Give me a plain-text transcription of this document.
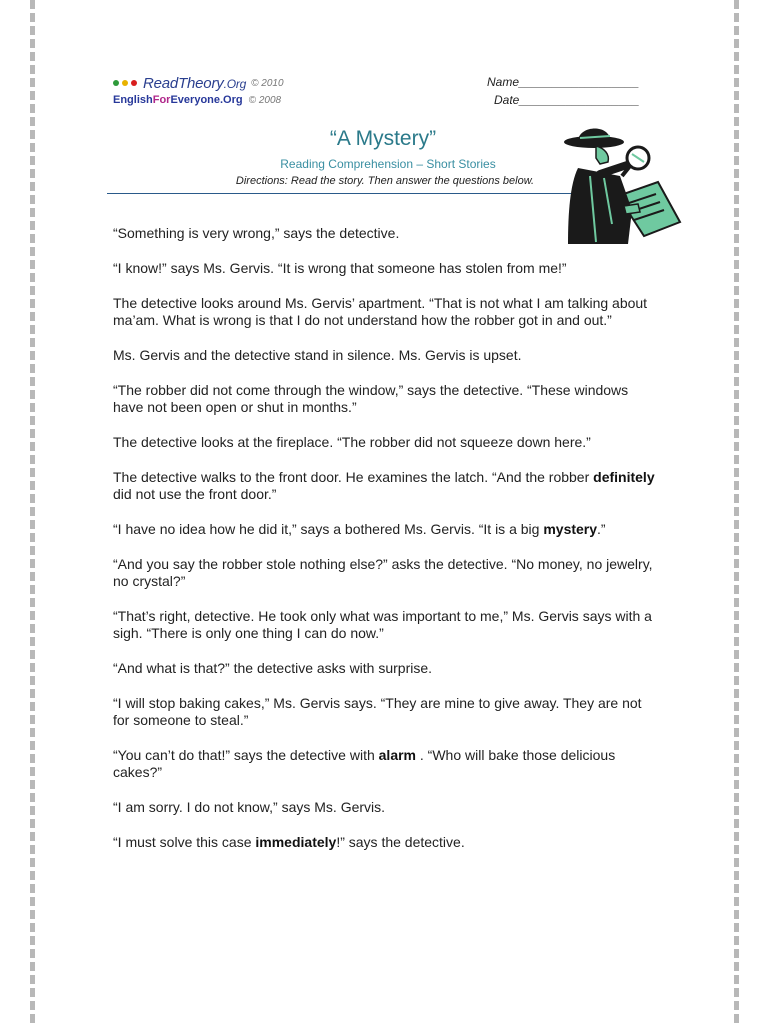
ReadTheory.Org © 2010
EnglishForEveryone.Org © 2008
Name__________________
Date__________________
“A Mystery”
Reading Comprehension – Short Stories
Directions: Read the story. Then answer the questions below.

“Something is very wrong,” says the detective.

“I know!” says Ms. Gervis. “It is wrong that someone has stolen from me!”

The detective looks around Ms. Gervis’ apartment. “That is not what I am talking about ma’am. What is wrong is that I do not understand how the robber got in and out.”

Ms. Gervis and the detective stand in silence. Ms. Gervis is upset.

“The robber did not come through the window,” says the detective. “These windows have not been open or shut in months.”

The detective looks at the fireplace. “The robber did not squeeze down here.”

The detective walks to the front door. He examines the latch. “And the robber definitely did not use the front door.”

“I have no idea how he did it,” says a bothered Ms. Gervis. “It is a big mystery.”

“And you say the robber stole nothing else?” asks the detective. “No money, no jewelry, no crystal?”

“That’s right, detective. He took only what was important to me,” Ms. Gervis says with a sigh. “There is only one thing I can do now.”

“And what is that?” the detective asks with surprise.

“I will stop baking cakes,” Ms. Gervis says. “They are mine to give away. They are not for someone to steal.”

“You can’t do that!” says the detective with alarm . “Who will bake those delicious cakes?”

“I am sorry. I do not know,” says Ms. Gervis.

“I must solve this case immediately!” says the detective.
